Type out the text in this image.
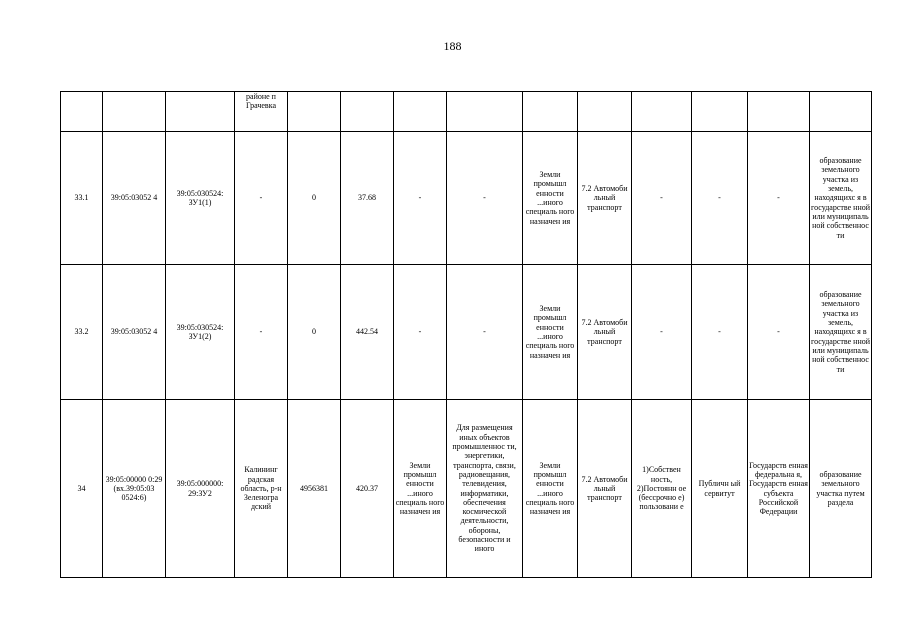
188
			районе п Грачевка										
33.1	39:05:03052 4	39:05:030524: ЗУ1(1)	-	0	37.68	-	-	Земли промышл енности ...иного специаль ного назначен ия	7.2 Автомоби льный транспорт	-	-	-	образование земельного участка из земель, находящихс я в государстве нной или муниципаль ной собственнос ти
33.2	39:05:03052 4	39:05:030524: ЗУ1(2)	-	0	442.54	-	-	Земли промышл енности ...иного специаль ного назначен ия	7.2 Автомоби льный транспорт	-	-	-	образование земельного участка из земель, находящихс я в государстве нной или муниципаль ной собственнос ти
34	39:05:00000 0:29 (вх.39:05:03 0524:6)	39:05:000000: 29:ЗУ2	Калининг радская область, р-н Зеленогра дский	4956381	420.37	Земли промышл енности ...иного специаль ного назначен ия	Для размещения иных объектов промышленнос ти, энергетики, транспорта, связи, радиовещания, телевидения, информатики, обеспечения космической деятельности, обороны, безопасности и иного	Земли промышл енности ...иного специаль ного назначен ия	7.2 Автомоби льный транспорт	1)Собствен ность, 2)Постоянн ое (бессрочно е) пользовани е	Публичн ый сервитут	Государств енная федеральна я, Государств енная субъекта Российской Федерации	образование земельного участка путем раздела
